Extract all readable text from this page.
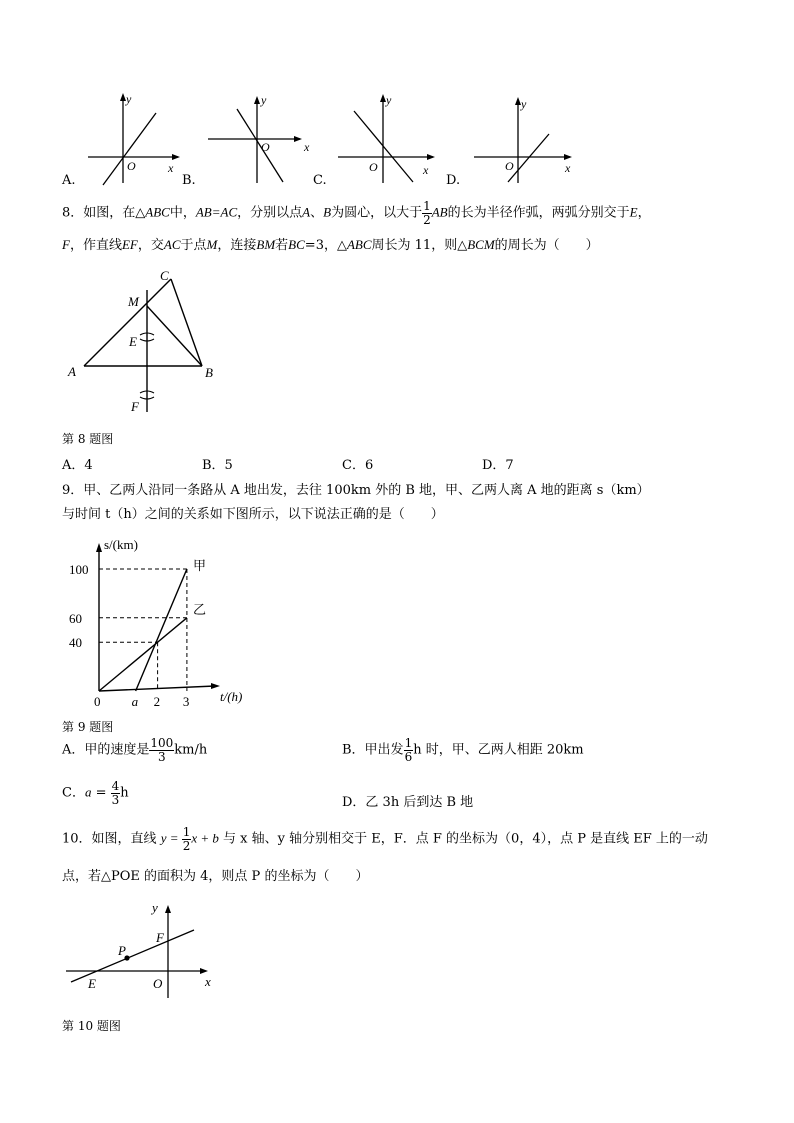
y
x
O
y
x
O
y
x
O
y
x
O
A.	B.	C.	D.
8．如图，在△ABC中，AB=AC，分别以点A、B为圆心，以大于 $\frac{1}{2}$ AB的长为半径作弧，两弧分别交于E，
F，作直线EF，交AC于点M，连接BM若BC=3，△ABC周长为 11，则△BCM的周长为（　　）
A	B
C
M
E
F
第 8 题图
A．4	B．5	C．6	D．7
9．甲、乙两人沿同一条路从 A 地出发，去往 100km 外的 B 地，甲、乙两人离 A 地的距离 s（km）
与时间 t（h）之间的关系如下图所示，以下说法正确的是（　　）
40
60
100
0 a 2 3
s/(km)
t/(h)
甲
乙
第 9 题图
A．甲的速度是 $\frac{100}{3} km/h$	B．甲出发 $\frac{1}{6}$ h 时，甲、乙两人相距 20km
C．$a = \frac{4}{3}$ h
D．乙 3h 后到达 B 地
10．如图，直线 $y = \frac{1}{2}$ x + b 与 x 轴、y 轴分别相交于 E，F．点 F 的坐标为（0，4），点 P 是直线 EF 上的一动
点，若△POE 的面积为 4，则点 P 的坐标为（　　）
y
x
O
E
F
P
第 10 题图
